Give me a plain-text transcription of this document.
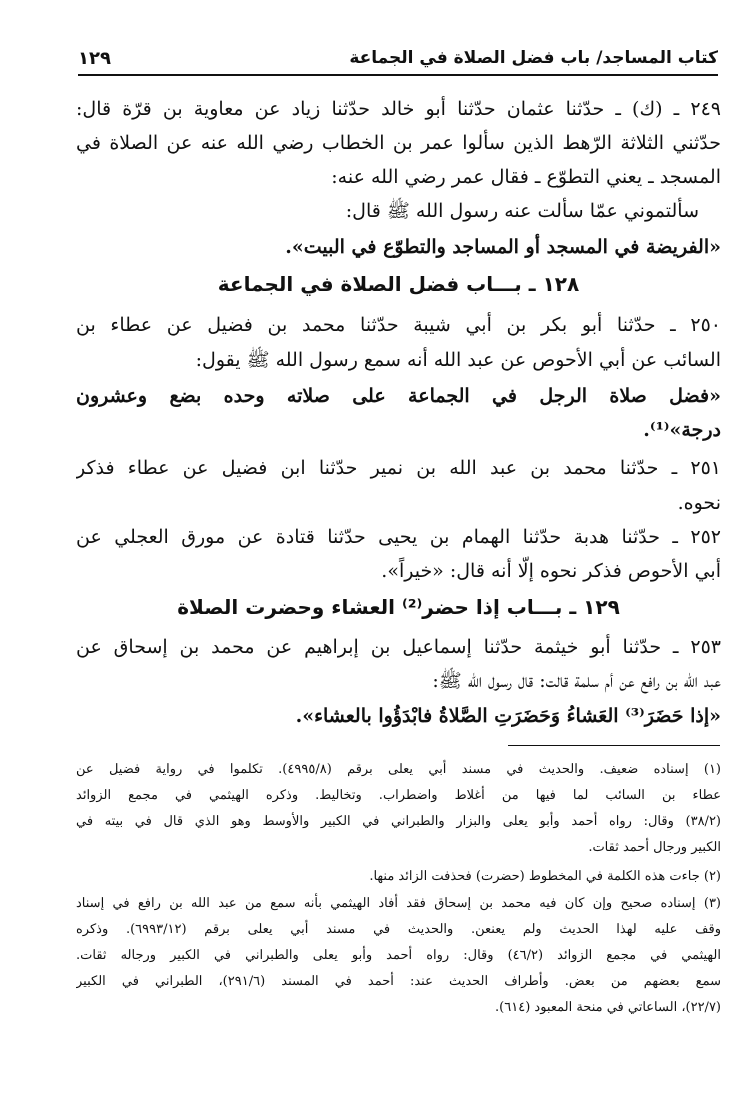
كتاب المساجد/ باب فضل الصلاة في الجماعة
١٢٩
٢٤٩ ـ (ك) ـ حدّثنا عثمان حدّثنا أبو خالد حدّثنا زياد عن معاوية بن قرّة قال:
حدّثني الثلاثة الرّهط الذين سألوا عمر بن الخطاب رضي الله عنه عن الصلاة في
المسجد ـ يعني التطوّع ـ فقال عمر رضي الله عنه:
سألتموني عمّا سألت عنه رسول الله ﷺ قال:
«الفريضة في المسجد أو المساجد والتطوّع في البيت».
١٢٨ ـ بـــاب فضل الصلاة في الجماعة
٢٥٠ ـ حدّثنا أبو بكر بن أبي شيبة حدّثنا محمد بن فضيل عن عطاء بن
السائب عن أبي الأحوص عن عبد الله أنه سمع رسول الله ﷺ يقول:
«فضل صلاة الرجل في الجماعة على صلاته وحده بضع وعشرون
درجة»⁽¹⁾.
٢٥١ ـ حدّثنا محمد بن عبد الله بن نمير حدّثنا ابن فضيل عن عطاء فذكر
نحوه.
٢٥٢ ـ حدّثنا هدبة حدّثنا الهمام بن يحيى حدّثنا قتادة عن مورق العجلي عن
أبي الأحوص فذكر نحوه إلّا أنه قال: «خيراً».
١٢٩ ـ بـــاب إذا حضر⁽²⁾ العشاء وحضرت الصلاة
٢٥٣ ـ حدّثنا أبو خيثمة حدّثنا إسماعيل بن إبراهيم عن محمد بن إسحاق عن
عبد الله بن رافع عن أم سلمة قالت: قال رسول الله ﷺ:
«إذا حَضَرَ⁽³⁾ العَشاءُ وَحَضَرَتِ الصَّلاةُ فابْدَؤُوا بالعشاء».
(١) إسناده ضعيف. والحديث في مسند أبي يعلى برقم (٤٩٩٥/٨). تكلموا في رواية فضيل عن
عطاء بن السائب لما فيها من أغلاط واضطراب. وتخاليط. وذكره الهيثمي في مجمع الزوائد
(٣٨/٢) وقال: رواه أحمد وأبو يعلى والبزار والطبراني في الكبير والأوسط وهو الذي قال في بيته في
الكبير ورجال أحمد ثقات.
(٢) جاءت هذه الكلمة في المخطوط (حضرت) فحذفت الزائد منها.
(٣) إسناده صحيح وإن كان فيه محمد بن إسحاق فقد أفاد الهيثمي بأنه سمع من عبد الله بن رافع في إسناد
وقف عليه لهذا الحديث ولم يعنعن. والحديث في مسند أبي يعلى برقم (٦٩٩٣/١٢). وذكره
الهيثمي في مجمع الزوائد (٤٦/٢) وقال: رواه أحمد وأبو يعلى والطبراني في الكبير ورجاله ثقات.
سمع بعضهم من بعض. وأطراف الحديث عند: أحمد في المسند (٢٩١/٦)، الطبراني في الكبير
(٢٢/٧)، الساعاتي في منحة المعبود (٦١٤).
